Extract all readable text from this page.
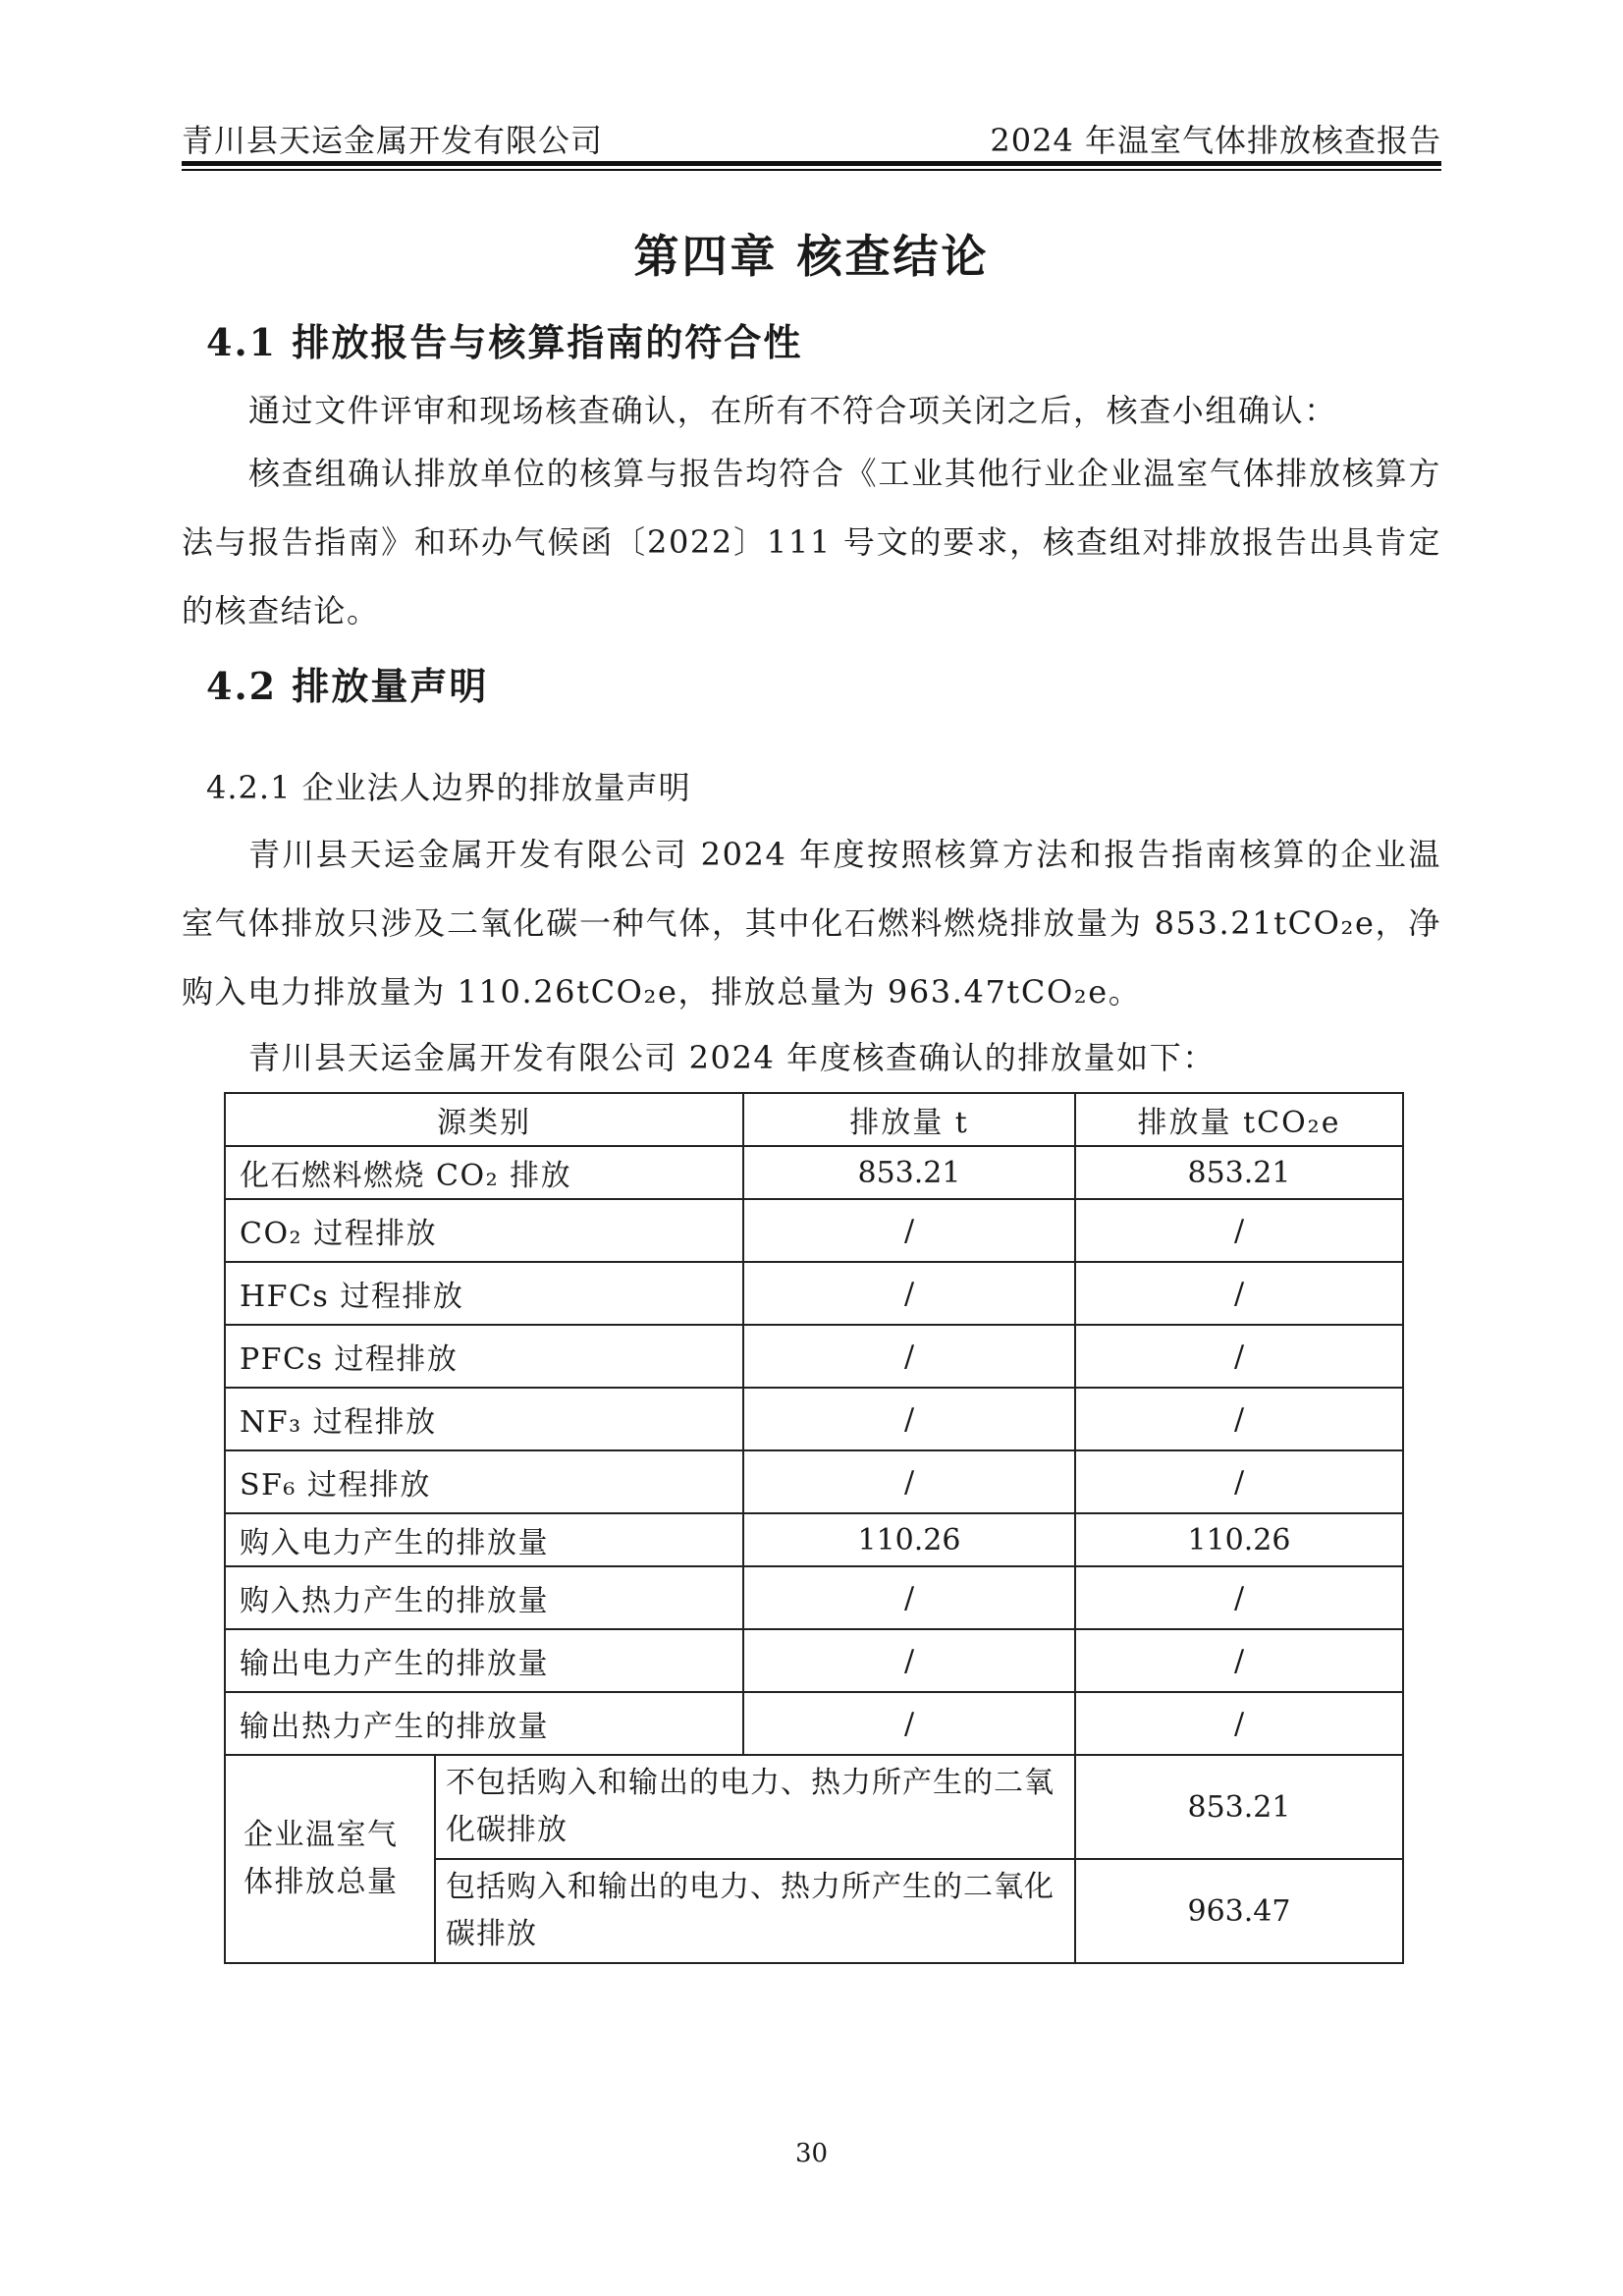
青川县天运金属开发有限公司	2024 年温室气体排放核查报告
第四章 核查结论
4.1 排放报告与核算指南的符合性
通过文件评审和现场核查确认，在所有不符合项关闭之后，核查小组确认：
核查组确认排放单位的核算与报告均符合《工业其他行业企业温室气体排放核算方法与报告指南》和环办气候函〔2022〕111 号文的要求，核查组对排放报告出具肯定的核查结论。
4.2 排放量声明
4.2.1 企业法人边界的排放量声明
青川县天运金属开发有限公司 2024 年度按照核算方法和报告指南核算的企业温室气体排放只涉及二氧化碳一种气体，其中化石燃料燃烧排放量为 853.21tCO₂e，净购入电力排放量为 110.26tCO₂e，排放总量为 963.47tCO₂e。
青川县天运金属开发有限公司 2024 年度核查确认的排放量如下：
源类别		排放量 t	排放量 tCO₂e
化石燃料燃烧 CO₂ 排放		853.21	853.21
CO₂ 过程排放		/	/
HFCs 过程排放		/	/
PFCs 过程排放		/	/
NF₃ 过程排放		/	/
SF₆ 过程排放		/	/
购入电力产生的排放量		110.26	110.26
购入热力产生的排放量		/	/
输出电力产生的排放量		/	/
输出热力产生的排放量		/	/
企业温室气体排放总量	不包括购入和输出的电力、热力所产生的二氧化碳排放		853.21
	包括购入和输出的电力、热力所产生的二氧化碳排放		963.47
30
